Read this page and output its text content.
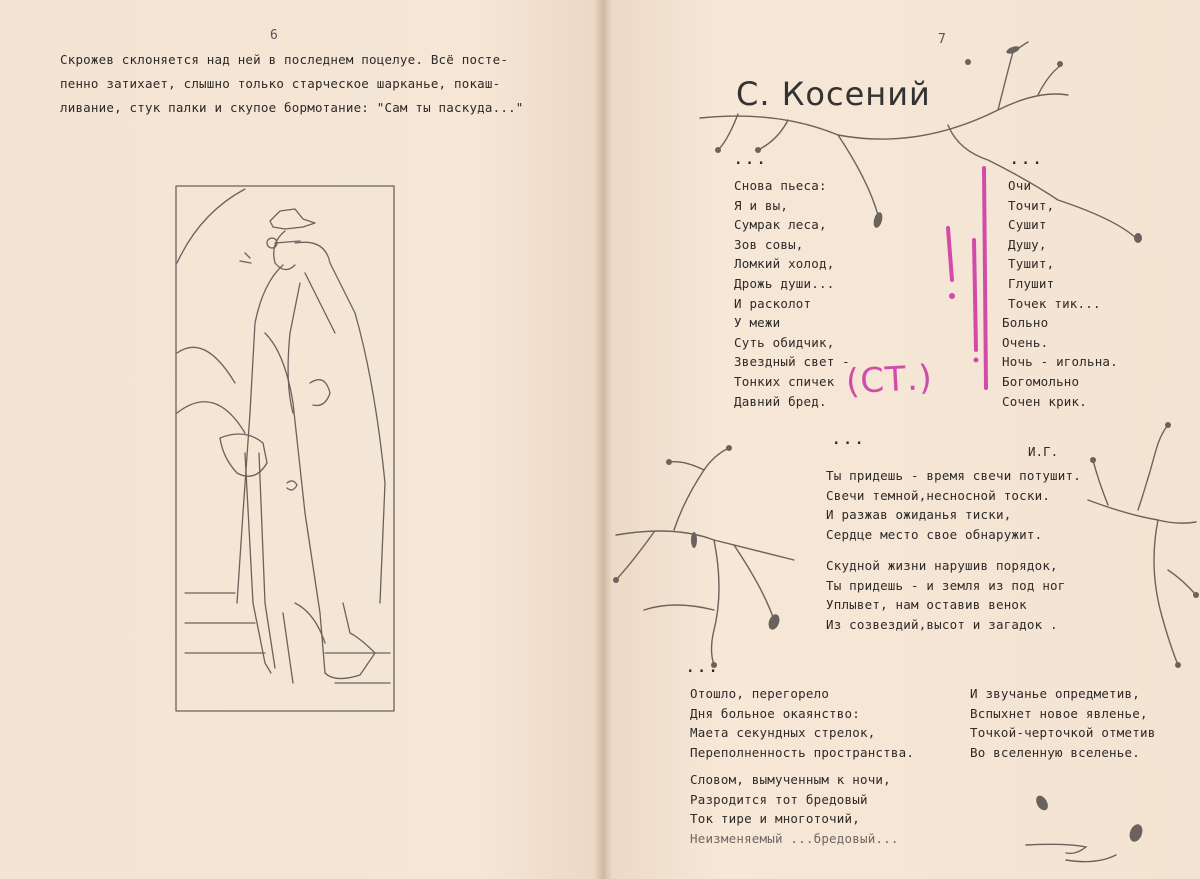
6
Скрожев склоняется над ней в последнем поцелуе. Всё посте-
пенно затихает, слышно только старческое шарканье, покаш-
ливание, стук палки и скупое бормотание: "Сам ты паскуда..."
7
С. Косений
...
Снова пьеса:
Я и вы,
Сумрак леса,
Зов совы,
Ломкий холод,
Дрожь души...
И расколот
У межи
Суть обидчик,
Звездный свет -
Тонких спичек
Давний бред.
...
Очи
Точит,
Сушит
Душу,
Тушит,
Глушит
Точек тик...
Больно
Очень.
Ночь - игольна.
Богомольно
Сочен крик.
(СТ.)
...
И.Г.
Ты придешь - время свечи потушит.
Свечи темной,несносной тоски.
И разжав ожиданья тиски,
Сердце место свое обнаружит.
Скудной жизни нарушив порядок,
Ты придешь - и земля из под ног
Уплывет, нам оставив венок
Из созвездий,высот и загадок .
...
Отошло, перегорело
Дня больное окаянство:
Маета секундных стрелок,
Переполненность пространства.
Словом, вымученным к ночи,
Разродится тот бредовый
Ток тире и многоточий,
Неизменяемый ...бредовый...
И звучанье опредметив,
Вспыхнет новое явленье,
Точкой-черточкой отметив
Во вселенную вселенье.
